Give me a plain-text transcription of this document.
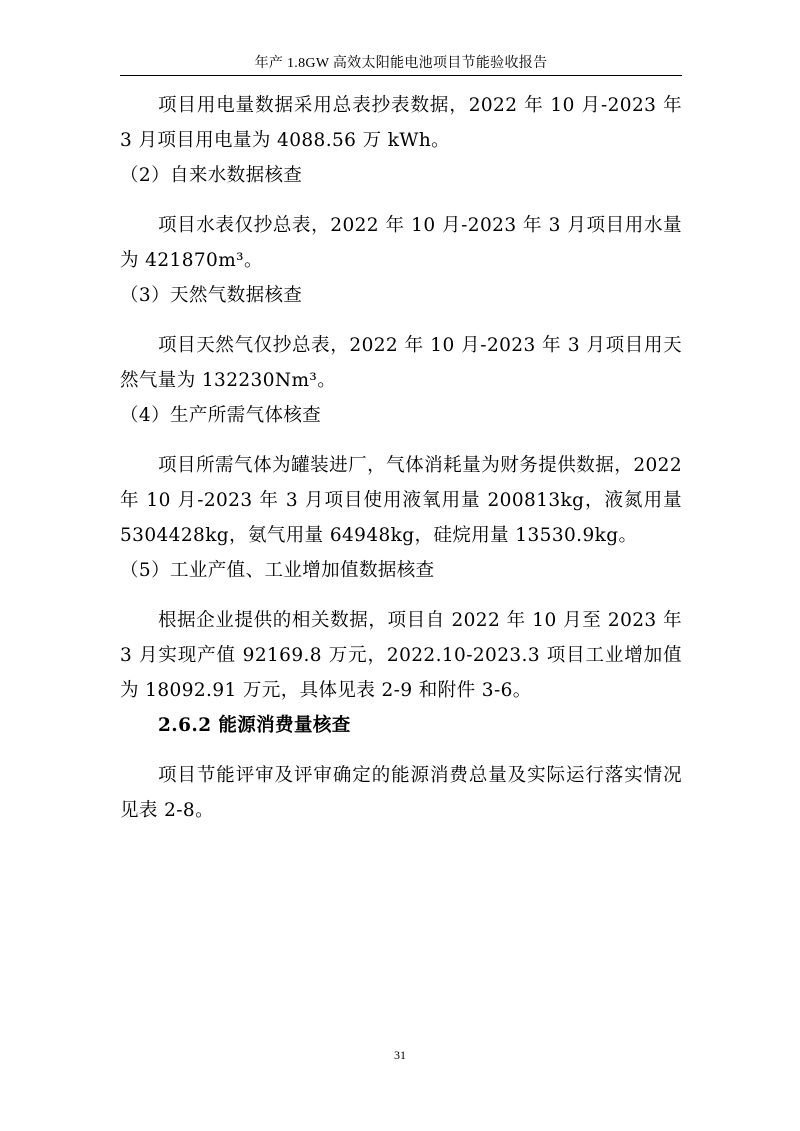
年产 1.8GW 高效太阳能电池项目节能验收报告

项目用电量数据采用总表抄表数据，2022 年 10 月-2023 年 3 月项目用电量为 4088.56 万 kWh。

（2）自来水数据核查

项目水表仅抄总表，2022 年 10 月-2023 年 3 月项目用水量为 421870m³。

（3）天然气数据核查

项目天然气仅抄总表，2022 年 10 月-2023 年 3 月项目用天然气量为 132230Nm³。

（4）生产所需气体核查

项目所需气体为罐装进厂，气体消耗量为财务提供数据，2022 年 10 月-2023 年 3 月项目使用液氧用量 200813kg，液氮用量 5304428kg，氨气用量 64948kg，硅烷用量 13530.9kg。

（5）工业产值、工业增加值数据核查

根据企业提供的相关数据，项目自 2022 年 10 月至 2023 年 3 月实现产值 92169.8 万元，2022.10-2023.3 项目工业增加值为 18092.91 万元，具体见表 2-9 和附件 3-6。

2.6.2 能源消费量核查

项目节能评审及评审确定的能源消费总量及实际运行落实情况见表 2-8。

31
